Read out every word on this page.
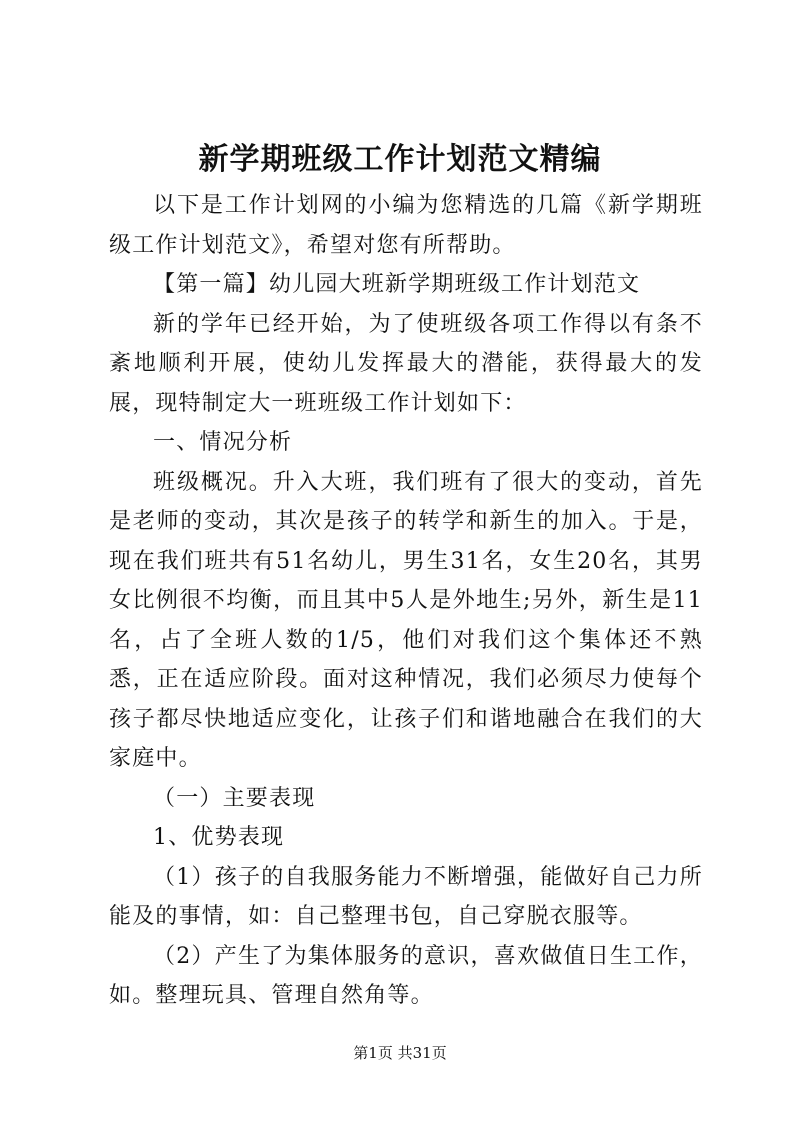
新学期班级工作计划范文精编

以下是工作计划网的小编为您精选的几篇《新学期班级工作计划范文》，希望对您有所帮助。

【第一篇】幼儿园大班新学期班级工作计划范文

新的学年已经开始，为了使班级各项工作得以有条不紊地顺利开展，使幼儿发挥最大的潜能，获得最大的发展，现特制定大一班班级工作计划如下：

一、情况分析

班级概况。升入大班，我们班有了很大的变动，首先是老师的变动，其次是孩子的转学和新生的加入。于是，现在我们班共有51名幼儿，男生31名，女生20名，其男女比例很不均衡，而且其中5人是外地生;另外，新生是11名，占了全班人数的1/5，他们对我们这个集体还不熟悉，正在适应阶段。面对这种情况，我们必须尽力使每个孩子都尽快地适应变化，让孩子们和谐地融合在我们的大家庭中。

（一）主要表现

1、优势表现

（1）孩子的自我服务能力不断增强，能做好自己力所能及的事情，如：自己整理书包，自己穿脱衣服等。

（2）产生了为集体服务的意识，喜欢做值日生工作，如。整理玩具、管理自然角等。

第1页 共31页
